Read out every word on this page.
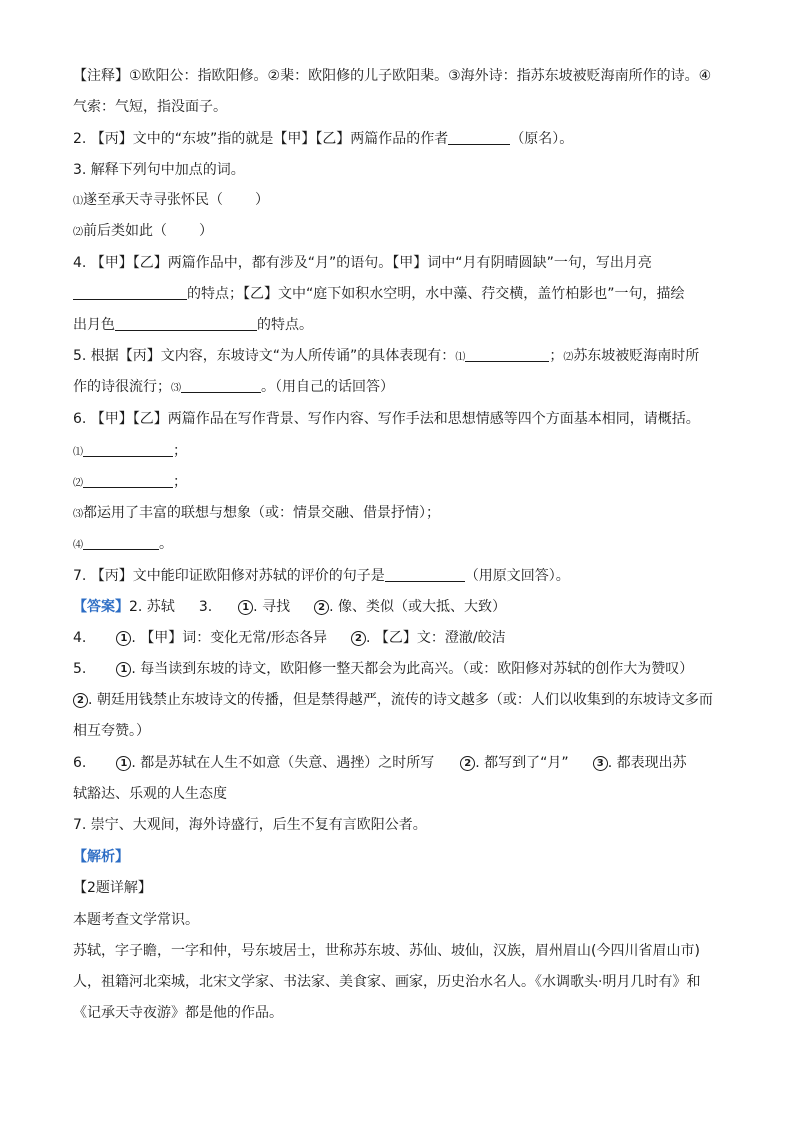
【注释】①欧阳公：指欧阳修。②棐：欧阳修的儿子欧阳棐。③海外诗：指苏东坡被贬海南所作的诗。④
气索：气短，指没面子。
2. 【丙】文中的“东坡”指的就是【甲】【乙】两篇作品的作者	（原名）。
3. 解释下列句中加点的词。
⑴遂至承天寺寻张怀民（ ）
⑵前后类如此（ ）
4. 【甲】【乙】两篇作品中，都有涉及“月”的语句。【甲】词中“月有阴晴圆缺”一句，写出月亮
的特点；【乙】文中“庭下如积水空明，水中藻、荇交横，盖竹柏影也”一句，描绘
出月色	的特点。
5. 根据【丙】文内容，东坡诗文“为人所传诵”的具体表现有：⑴	；⑵苏东坡被贬海南时所
作的诗很流行；⑶	。（用自己的话回答）
6. 【甲】【乙】两篇作品在写作背景、写作内容、写作手法和思想情感等四个方面基本相同，请概括。
⑴	；
⑵	；
⑶都运用了丰富的联想与想象（或：情景交融、借景抒情）；
⑷	。
7. 【丙】文中能印证欧阳修对苏轼的评价的句子是	（用原文回答）。
【答案】2. 苏轼 3.	1 . 寻找	2 . 像、类似（或大抵、大致）
4.	1 . 【甲】词：变化无常/形态各异	2 . 【乙】文：澄澈/皎洁
5.	1 . 每当读到东坡的诗文，欧阳修一整天都会为此高兴。（或：欧阳修对苏轼的创作大为赞叹）
2 . 朝廷用钱禁止东坡诗文的传播，但是禁得越严，流传的诗文越多（或：人们以收集到的东坡诗文多而
相互夸赞。）
6.	1 . 都是苏轼在人生不如意（失意、遇挫）之时所写	2 . 都写到了“月”	3 . 都表现出苏
轼豁达、乐观的人生态度
7. 崇宁、大观间，海外诗盛行，后生不复有言欧阳公者。
【解析】
【2题详解】
本题考查文学常识。
苏轼，字子瞻，一字和仲，号东坡居士，世称苏东坡、苏仙、坡仙，汉族，眉州眉山(今四川省眉山市)
人，祖籍河北栾城，北宋文学家、书法家、美食家、画家，历史治水名人。《水调歌头·明月几时有》和
《记承天寺夜游》都是他的作品。
